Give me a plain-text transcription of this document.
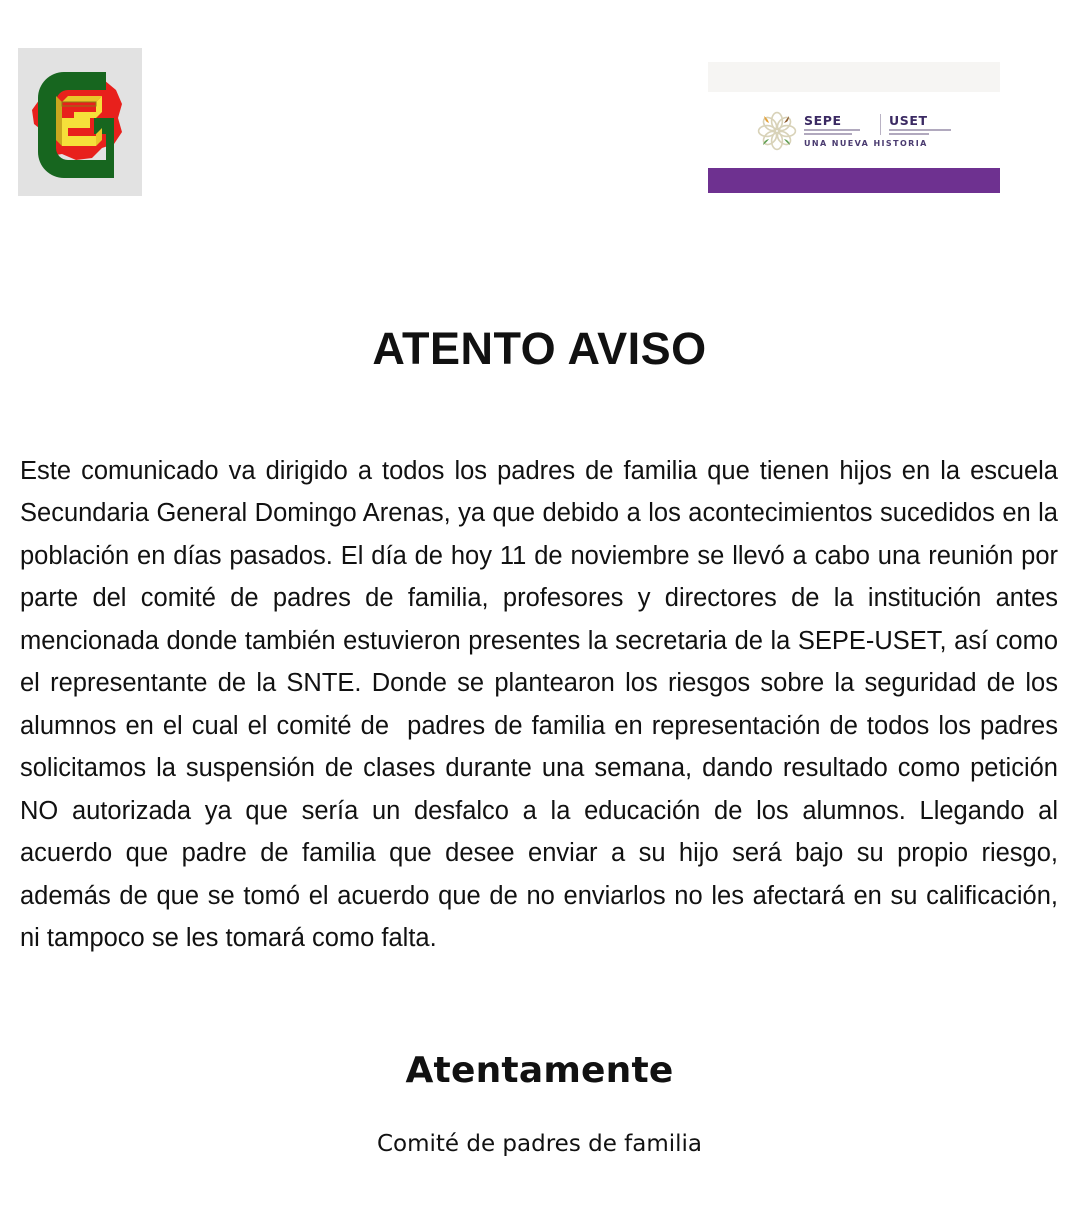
SEPE	USET
UNA NUEVA HISTORIA
ATENTO AVISO

Este comunicado va dirigido a todos los padres de familia que tienen hijos en la escuela Secundaria General Domingo Arenas, ya que debido a los acontecimientos sucedidos en la población en días pasados. El día de hoy 11 de noviembre se llevó a cabo una reunión por parte del comité de padres de familia, profesores y directores de la institución antes mencionada donde también estuvieron presentes la secretaria de la SEPE-USET, así como el representante de la SNTE. Donde se plantearon los riesgos sobre la seguridad de los alumnos en el cual el comité de  padres de familia en representación de todos los padres solicitamos la suspensión de clases durante una semana, dando resultado como petición NO autorizada ya que sería un desfalco a la educación de los alumnos. Llegando al acuerdo que padre de familia que desee enviar a su hijo será bajo su propio riesgo, además de que se tomó el acuerdo que de no enviarlos no les afectará en su calificación, ni tampoco se les tomará como falta.

Atentamente
Comité de padres de familia
